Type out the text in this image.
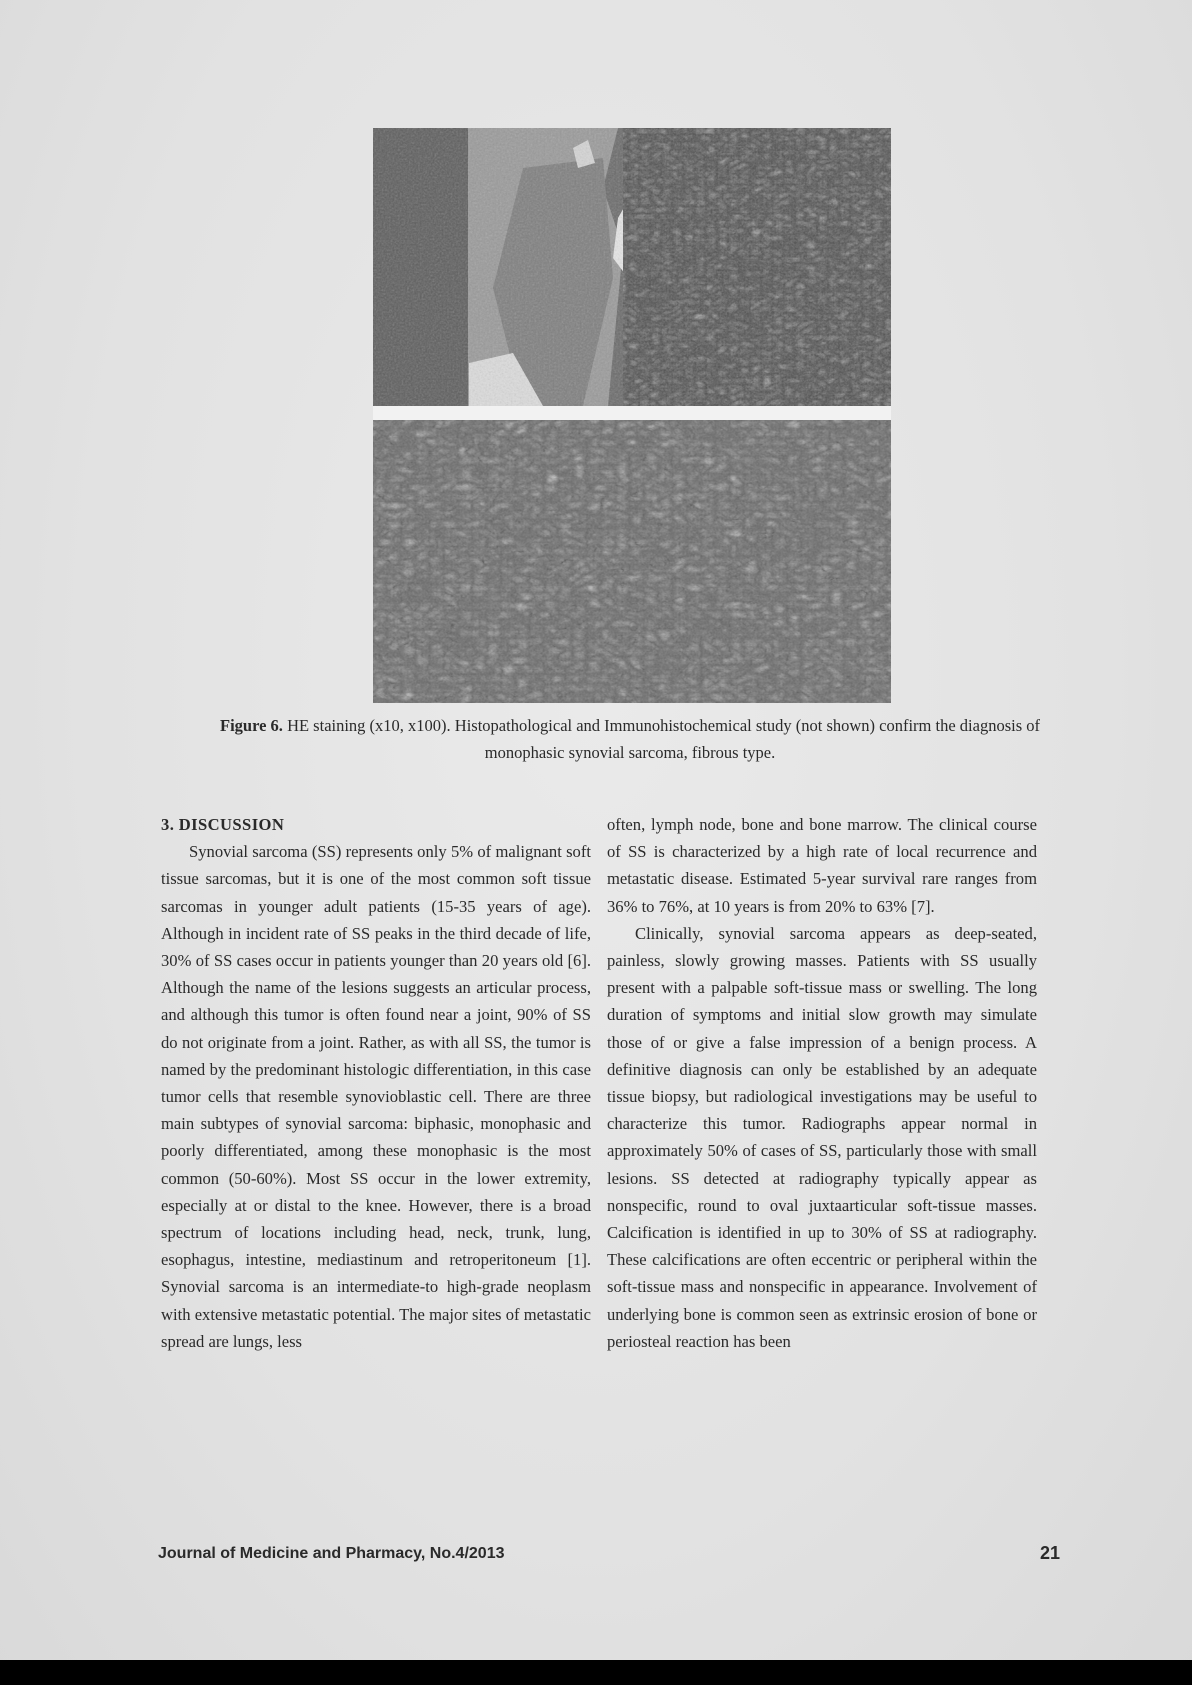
Figure 6. HE staining (x10, x100). Histopathological and Immunohistochemical study (not shown) confirm the diagnosis of monophasic synovial sarcoma, fibrous type.
3. DISCUSSION

Synovial sarcoma (SS) represents only 5% of malignant soft tissue sarcomas, but it is one of the most common soft tissue sarcomas in younger adult patients (15-35 years of age). Although in incident rate of SS peaks in the third decade of life, 30% of SS cases occur in patients younger than 20 years old [6]. Although the name of the lesions suggests an articular process, and although this tumor is often found near a joint, 90% of SS do not originate from a joint. Rather, as with all SS, the tumor is named by the predominant histologic differentiation, in this case tumor cells that resemble synovioblastic cell. There are three main subtypes of synovial sarcoma: biphasic, monophasic and poorly differentiated, among these monophasic is the most common (50-60%). Most SS occur in the lower extremity, especially at or distal to the knee. However, there is a broad spectrum of locations including head, neck, trunk, lung, esophagus, intestine, mediastinum and retroperitoneum [1]. Synovial sarcoma is an intermediate-to high-grade neoplasm with extensive metastatic potential. The major sites of metastatic spread are lungs, less

often, lymph node, bone and bone marrow. The clinical course of SS is characterized by a high rate of local recurrence and metastatic disease. Estimated 5-year survival rare ranges from 36% to 76%, at 10 years is from 20% to 63% [7].

Clinically, synovial sarcoma appears as deep-seated, painless, slowly growing masses. Patients with SS usually present with a palpable soft-tissue mass or swelling. The long duration of symptoms and initial slow growth may simulate those of or give a false impression of a benign process. A definitive diagnosis can only be established by an adequate tissue biopsy, but radiological investigations may be useful to characterize this tumor. Radiographs appear normal in approximately 50% of cases of SS, particularly those with small lesions. SS detected at radiography typically appear as nonspecific, round to oval juxtaarticular soft-tissue masses. Calcification is identified in up to 30% of SS at radiography. These calcifications are often eccentric or peripheral within the soft-tissue mass and nonspecific in appearance. Involvement of underlying bone is common seen as extrinsic erosion of bone or periosteal reaction has been

Journal of Medicine and Pharmacy, No.4/2013	21
